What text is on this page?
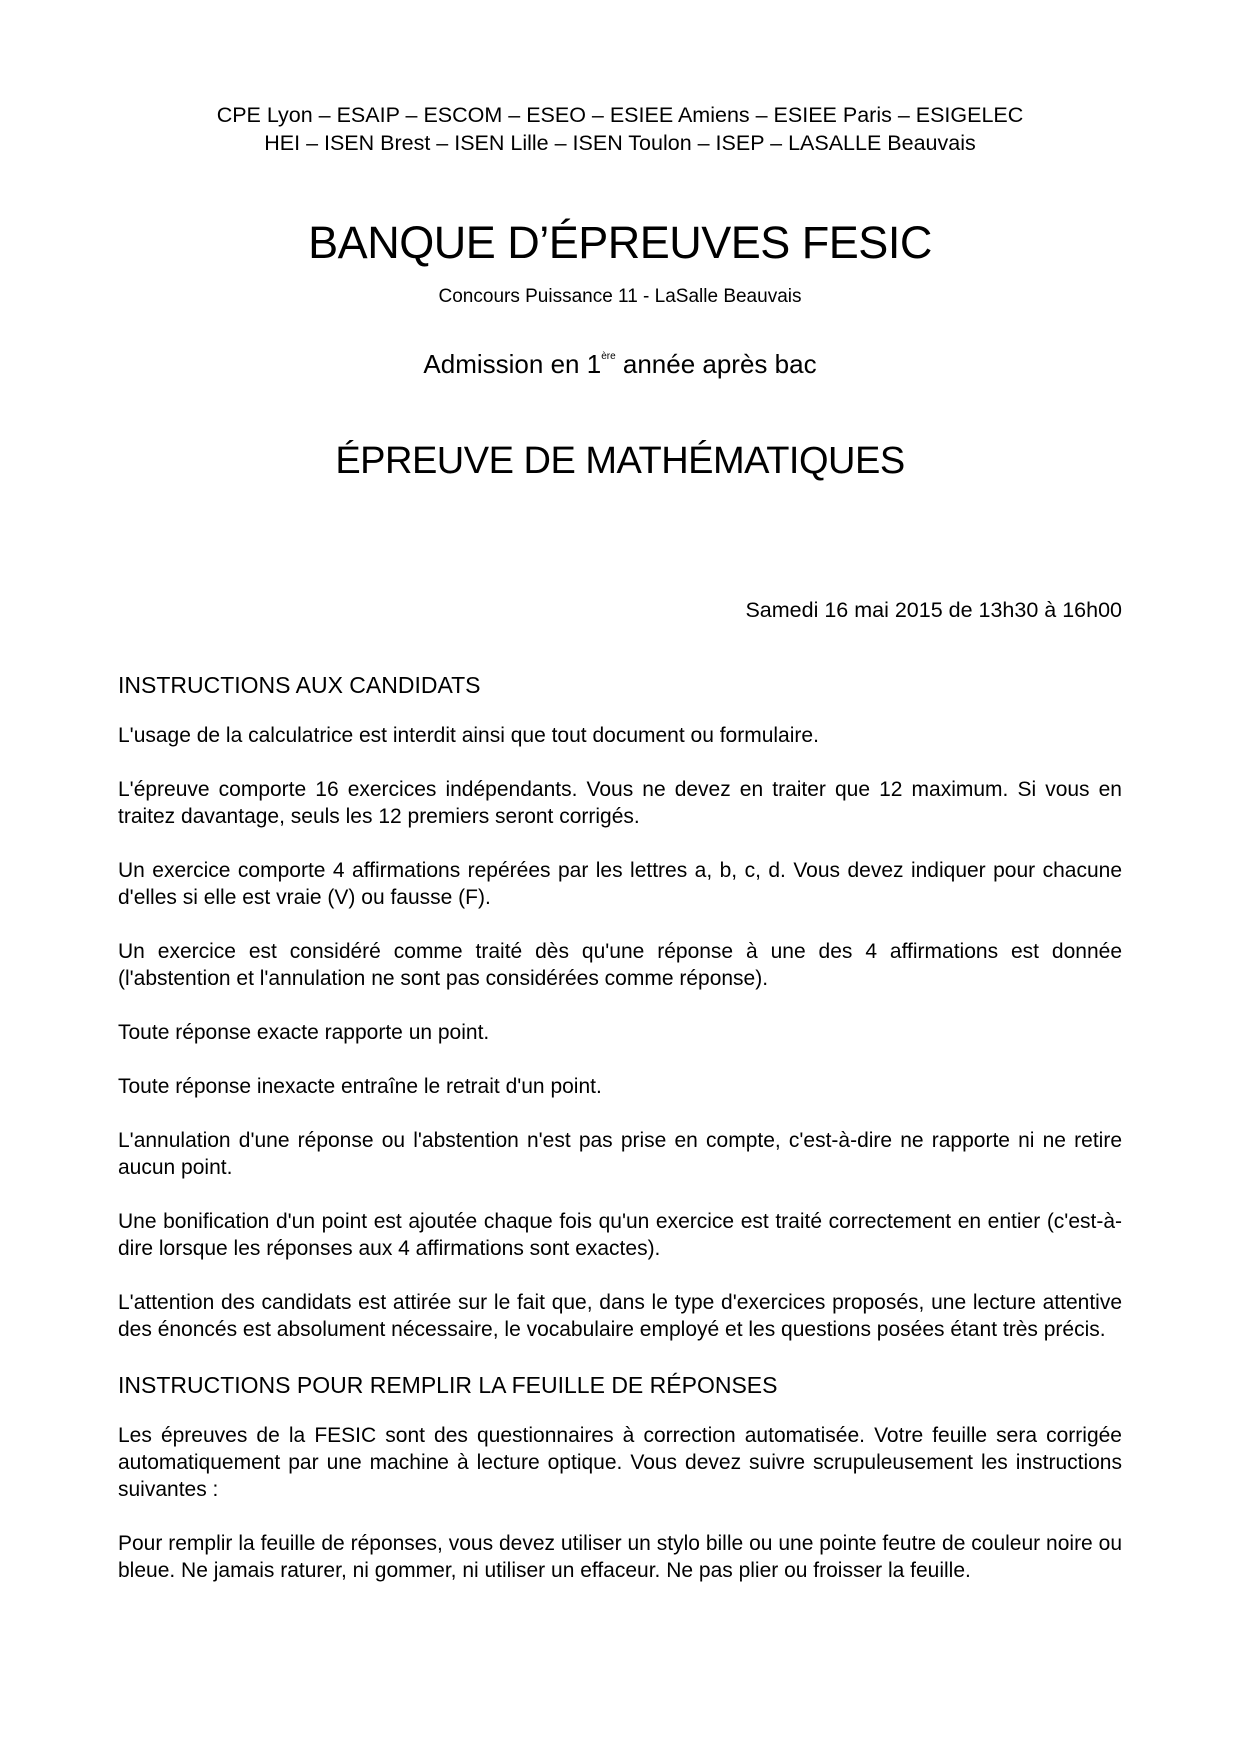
CPE Lyon – ESAIP – ESCOM – ESEO – ESIEE Amiens – ESIEE Paris – ESIGELEC
HEI – ISEN Brest – ISEN Lille – ISEN Toulon – ISEP – LASALLE Beauvais
BANQUE D’ÉPREUVES FESIC
Concours Puissance 11 - LaSalle Beauvais
Admission en 1ère année après bac
ÉPREUVE DE MATHÉMATIQUES
Samedi 16 mai 2015 de 13h30 à 16h00
INSTRUCTIONS AUX CANDIDATS

L'usage de la calculatrice est interdit ainsi que tout document ou formulaire.

L'épreuve comporte 16 exercices indépendants. Vous ne devez en traiter que 12 maximum. Si vous en traitez davantage, seuls les 12 premiers seront corrigés.

Un exercice comporte 4 affirmations repérées par les lettres a, b, c, d. Vous devez indiquer pour chacune d'elles si elle est vraie (V) ou fausse (F).

Un exercice est considéré comme traité dès qu'une réponse à une des 4 affirmations est donnée (l'abstention et l'annulation ne sont pas considérées comme réponse).

Toute réponse exacte rapporte un point.

Toute réponse inexacte entraîne le retrait d'un point.

L'annulation d'une réponse ou l'abstention n'est pas prise en compte, c'est-à-dire ne rapporte ni ne retire aucun point.

Une bonification d'un point est ajoutée chaque fois qu'un exercice est traité correctement en entier (c'est-à-dire lorsque les réponses aux 4 affirmations sont exactes).

L'attention des candidats est attirée sur le fait que, dans le type d'exercices proposés, une lecture attentive des énoncés est absolument nécessaire, le vocabulaire employé et les questions posées étant très précis.

INSTRUCTIONS POUR REMPLIR LA FEUILLE DE RÉPONSES

Les épreuves de la FESIC sont des questionnaires à correction automatisée. Votre feuille sera corrigée automatiquement par une machine à lecture optique. Vous devez suivre scrupuleusement les instructions suivantes :

Pour remplir la feuille de réponses, vous devez utiliser un stylo bille ou une pointe feutre de couleur noire ou bleue. Ne jamais raturer, ni gommer, ni utiliser un effaceur. Ne pas plier ou froisser la feuille.
